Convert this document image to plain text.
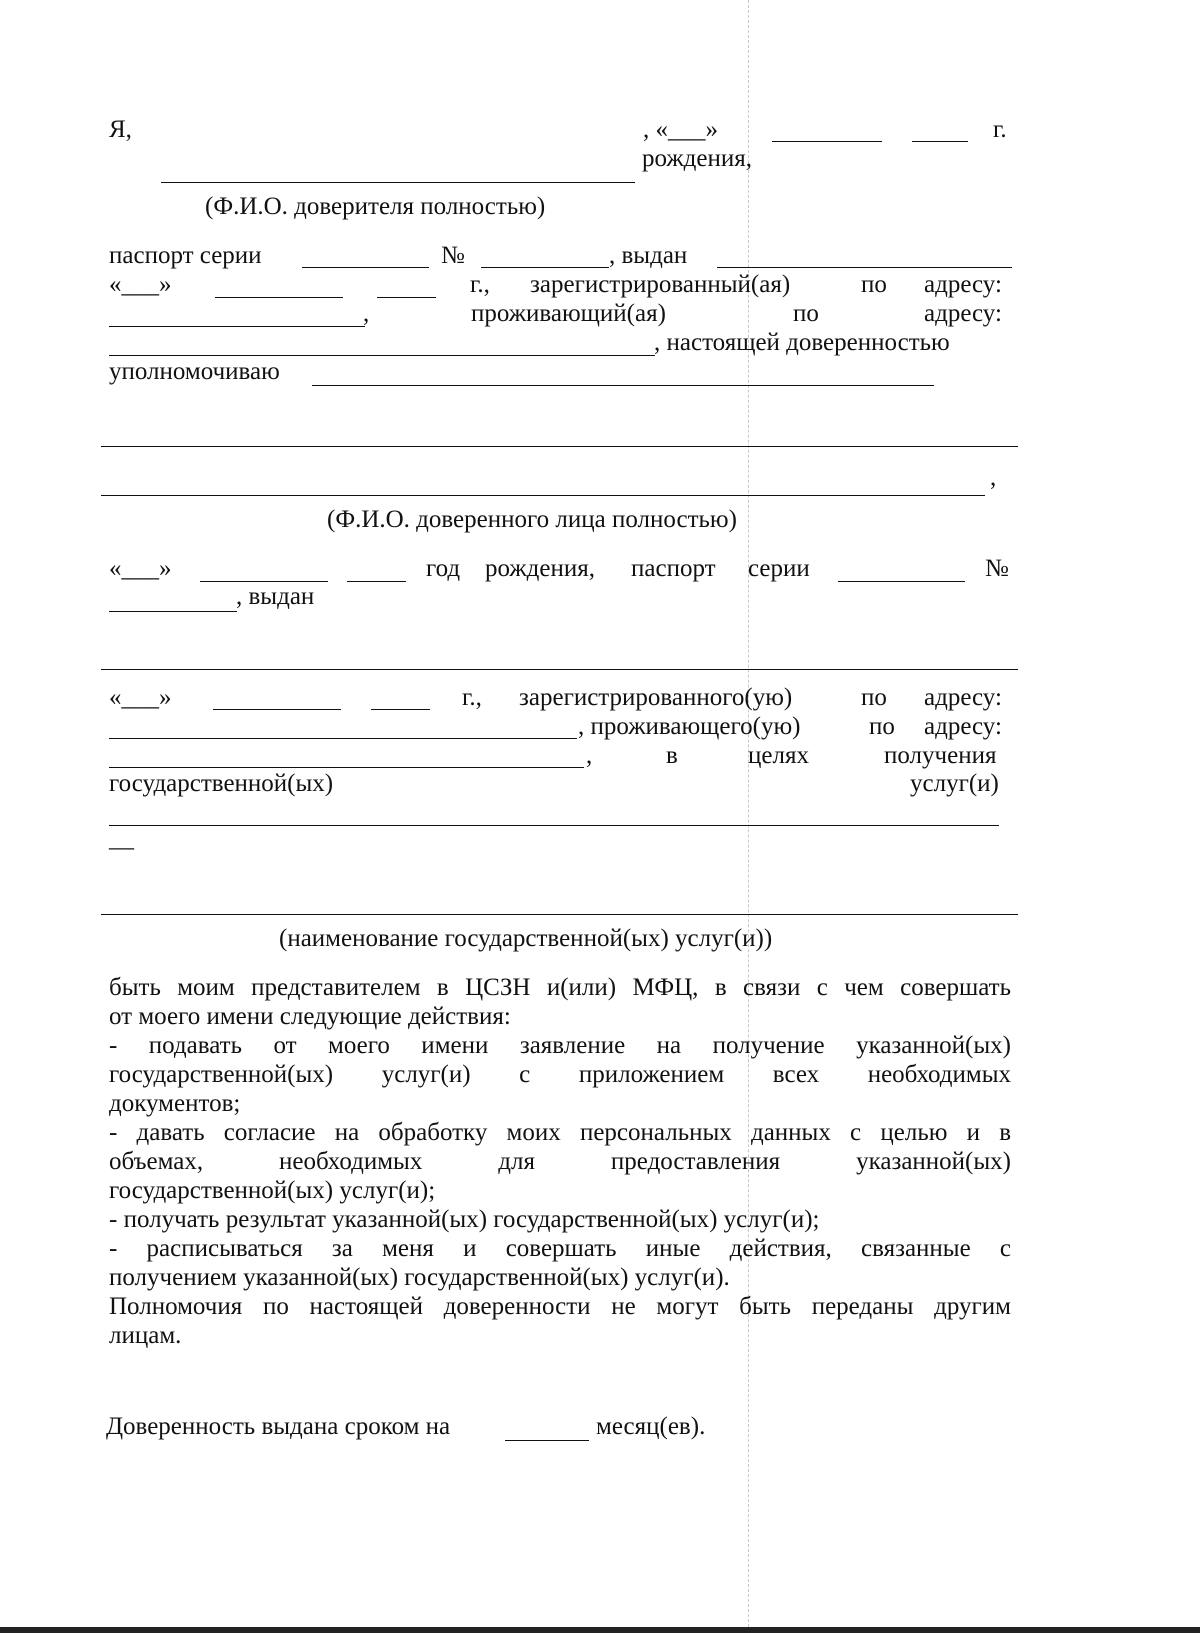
Я,	, «___»	г.
рождения,
(Ф.И.О. доверителя полностью)
паспорт серии	№	, выдан
«___»	г., зарегистрированный(ая)	по адресу:
,	проживающий(ая)	по	адресу:
, настоящей доверенностью
уполномочиваю
,
(Ф.И.О. доверенного лица полностью)
«___»	год рождения, паспорт серии	№
, выдан
«___»	г., зарегистрированного(ую)	по адресу:
, проживающего(ую)	по адресу:
,	в	целях	получения
государственной(ых)	услуг(и)
—
(наименование государственной(ых) услуг(и))
быть моим представителем в ЦСЗН и(или) МФЦ, в связи с чем совершать
от моего имени следующие действия:
- подавать от моего имени заявление на получение указанной(ых)
государственной(ых) услуг(и) с приложением всех необходимых
документов;
- давать согласие на обработку моих персональных данных с целью и в
объемах, необходимых для предоставления указанной(ых)
государственной(ых) услуг(и);
- получать результат указанной(ых) государственной(ых) услуг(и);
- расписываться за меня и совершать иные действия, связанные с
получением указанной(ых) государственной(ых) услуг(и).
Полномочия по настоящей доверенности не могут быть переданы другим
лицам.
Доверенность выдана сроком на	месяц(ев).
